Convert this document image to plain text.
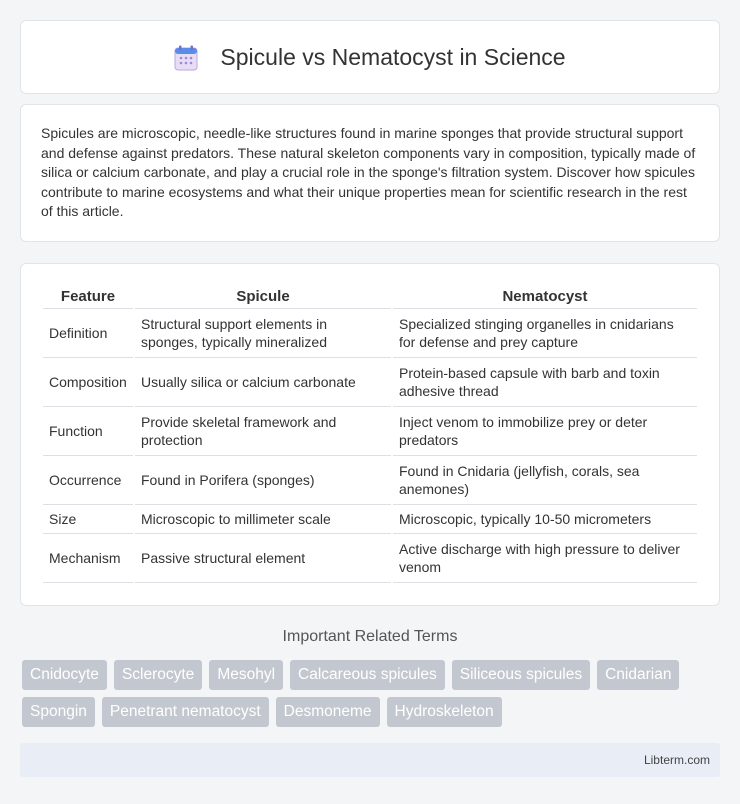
Spicule vs Nematocyst in Science

Spicules are microscopic, needle-like structures found in marine sponges that provide structural support and defense against predators. These natural skeleton components vary in composition, typically made of silica or calcium carbonate, and play a crucial role in the sponge's filtration system. Discover how spicules contribute to marine ecosystems and what their unique properties mean for scientific research in the rest of this article.

Feature	Spicule	Nematocyst
Definition	Structural support elements in sponges, typically mineralized	Specialized stinging organelles in cnidarians for defense and prey capture
Composition	Usually silica or calcium carbonate	Protein-based capsule with barb and toxin adhesive thread
Function	Provide skeletal framework and protection	Inject venom to immobilize prey or deter predators
Occurrence	Found in Porifera (sponges)	Found in Cnidaria (jellyfish, corals, sea anemones)
Size	Microscopic to millimeter scale	Microscopic, typically 10-50 micrometers
Mechanism	Passive structural element	Active discharge with high pressure to deliver venom
Important Related Terms
Cnidocyte	Sclerocyte	Mesohyl	Calcareous spicules	Siliceous spicules	Cnidarian
Spongin	Penetrant nematocyst	Desmoneme	Hydroskeleton
Libterm.com
